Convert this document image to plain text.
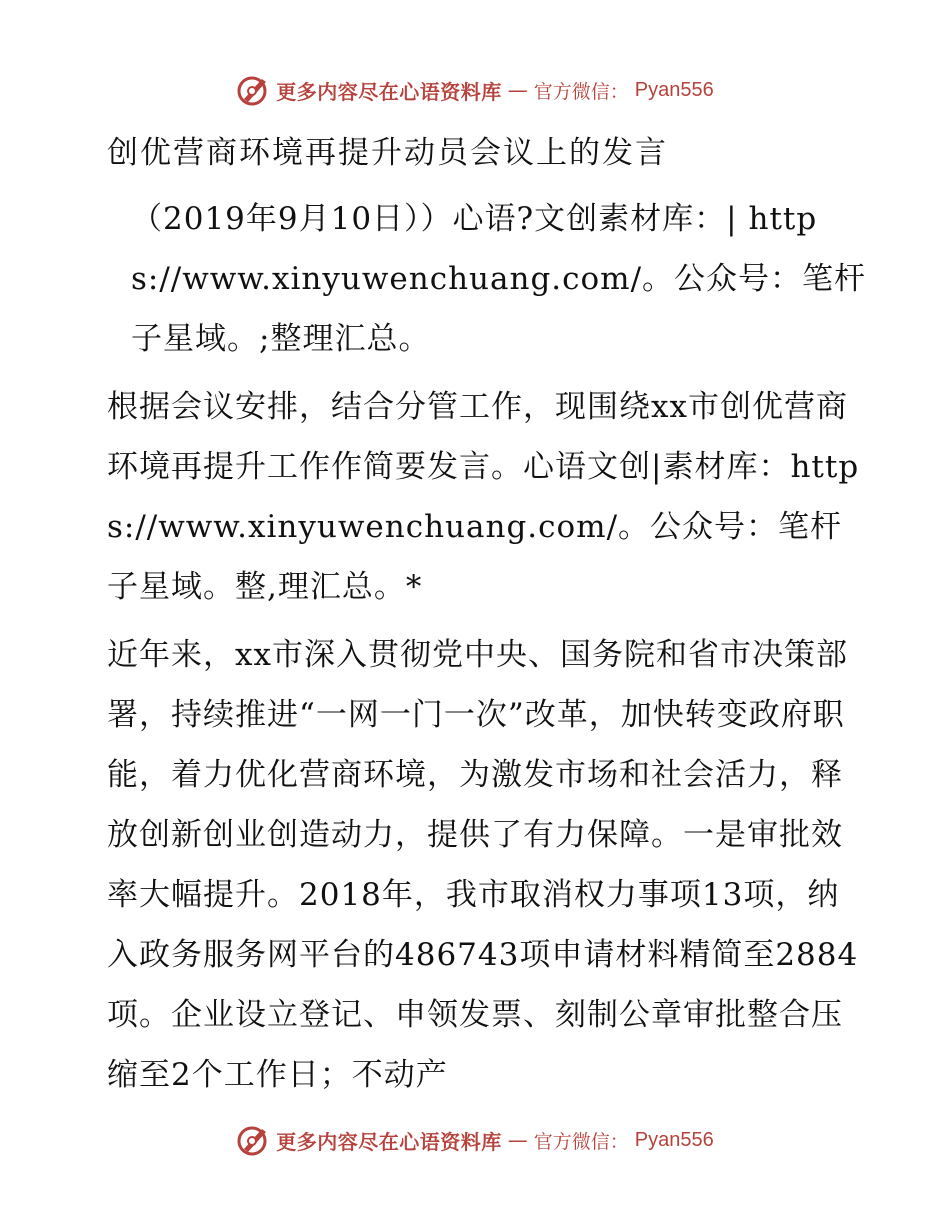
更多内容尽在心语资料库 — 官方微信： Pyan556
创优营商环境再提升动员会议上的发言

（2019年9月10日））心语?文创素材库：| https://www.xinyuwenchuang.com/。公众号：笔杆子星域。;整理汇总。

根据会议安排，结合分管工作，现围绕xx市创优营商环境再提升工作作简要发言。心语文创|素材库：https://www.xinyuwenchuang.com/。公众号：笔杆子星域。整,理汇总。*

近年来，xx市深入贯彻党中央、国务院和省市决策部署，持续推进“一网一门一次”改革，加快转变政府职能，着力优化营商环境，为激发市场和社会活力，释放创新创业创造动力，提供了有力保障。一是审批效率大幅提升。2018年，我市取消权力事项13项，纳入政务服务网平台的486743项申请材料精简至2884项。企业设立登记、申领发票、刻制公章审批整合压缩至2个工作日；不动产

更多内容尽在心语资料库 — 官方微信： Pyan556
